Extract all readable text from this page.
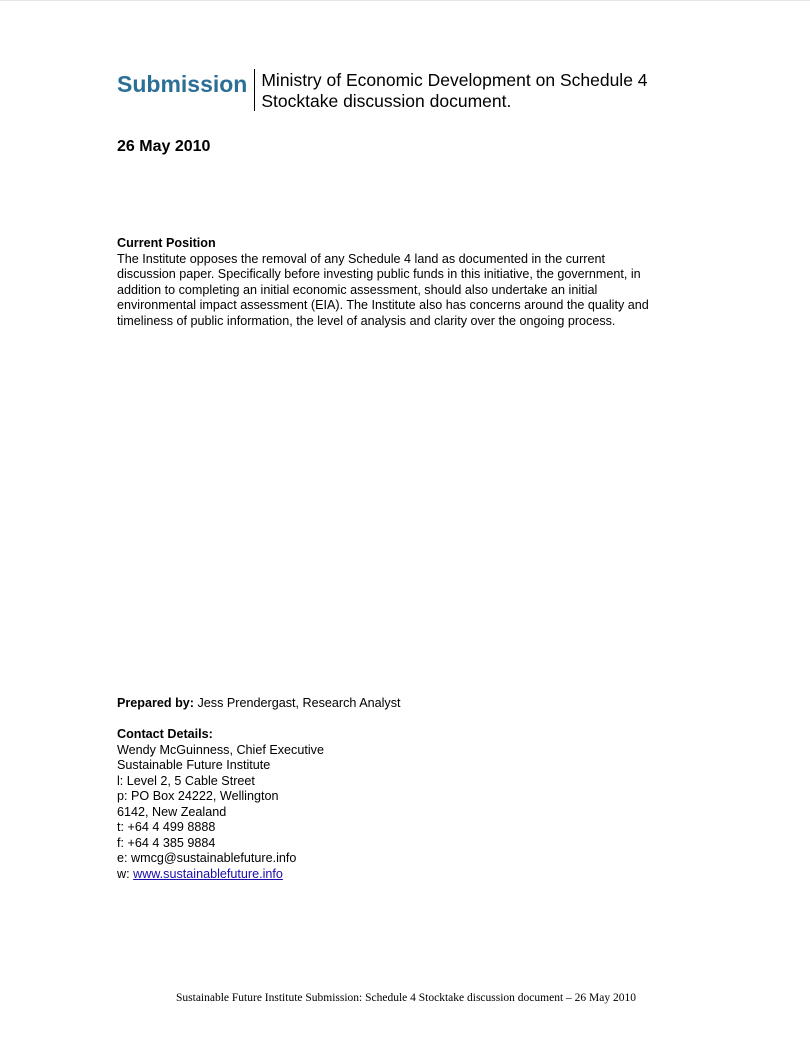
Submission Ministry of Economic Development on Schedule 4
Stocktake discussion document.
26 May 2010
Current Position
The Institute opposes the removal of any Schedule 4 land as documented in the current
discussion paper. Specifically before investing public funds in this initiative, the government, in
addition to completing an initial economic assessment, should also undertake an initial
environmental impact assessment (EIA). The Institute also has concerns around the quality and
timeliness of public information, the level of analysis and clarity over the ongoing process.
Prepared by: Jess Prendergast, Research Analyst
Contact Details:
Wendy McGuinness, Chief Executive
Sustainable Future Institute
l: Level 2, 5 Cable Street
p: PO Box 24222, Wellington
6142, New Zealand
t: +64 4 499 8888
f: +64 4 385 9884
e: wmcg@sustainablefuture.info
w: www.sustainablefuture.info
Sustainable Future Institute Submission: Schedule 4 Stocktake discussion document – 26 May 2010
